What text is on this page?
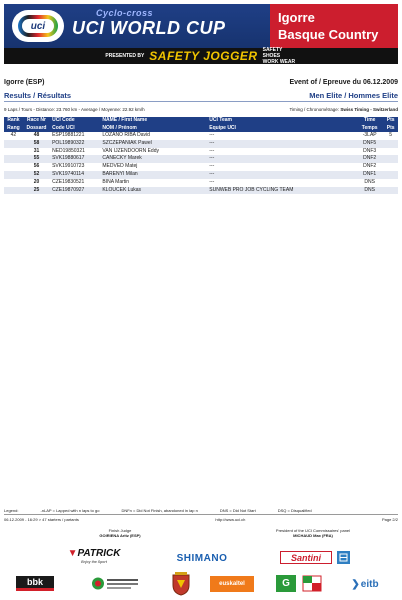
uci
Cyclo-cross
UCI WORLD CUP
Igorre
Basque Country
PRESENTED BY SAFETY JOGGER SAFETY SHOES WORK WEAR
Igorre (ESP)	Event of / Epreuve du 06.12.2009
Results / Résultats	Men Elite / Hommes Elite
9 Laps / Tours - Distance: 23.760 km - Average / Moyenne: 22.92 km/h	Timing / Chronométrage: Swiss Timing - Switzerland
Rank	Race Nr	UCI Code	NAME / First Name	UCI Team	Time	Pts
Rang	Dossard	Code UCI	NOM / Prénom	Equipe UCI	Temps	Pts
42	48	ESP19881221	LOZANO RIBA David	---	-3LAP	5
	58	POL19890322	SZCZEPANIAK Pawel	---	DNF5	
	31	NED19850321	VAN IJZENDOORN Eddy	---	DNF3	
	55	SVK19880617	CANECKY Marek	---	DNF2	
	56	SVK19910723	MEDVED Matej	---	DNF2	
	52	SVK19740114	BARENYI Milan	---	DNF1	
	20	CZE19830521	BINA Martin	---	DNS	
	25	CZE19870927	KLOUCEK Lukas	SUNWEB PRO JOB CYCLING TEAM	DNS	
Legend:	-nLAP = Lapped with n laps to go	DNFn = Did Not Finish, abandoned in lap n	DNS = Did Not Start	DSQ = Disqualified
06.12.2009 - 16:29 > 47 starters / partants	http://www.uci.ch	Page 2/2
Finish Judge
GOIRIENA Aritz (ESP)
President of the UCI Commissaires' panel
MICHAUD Max (FRA)
▼PATRICK
Enjoy the Sport	SHIMANO	Santini
bbk	euskaltel	G	❯ eitb
